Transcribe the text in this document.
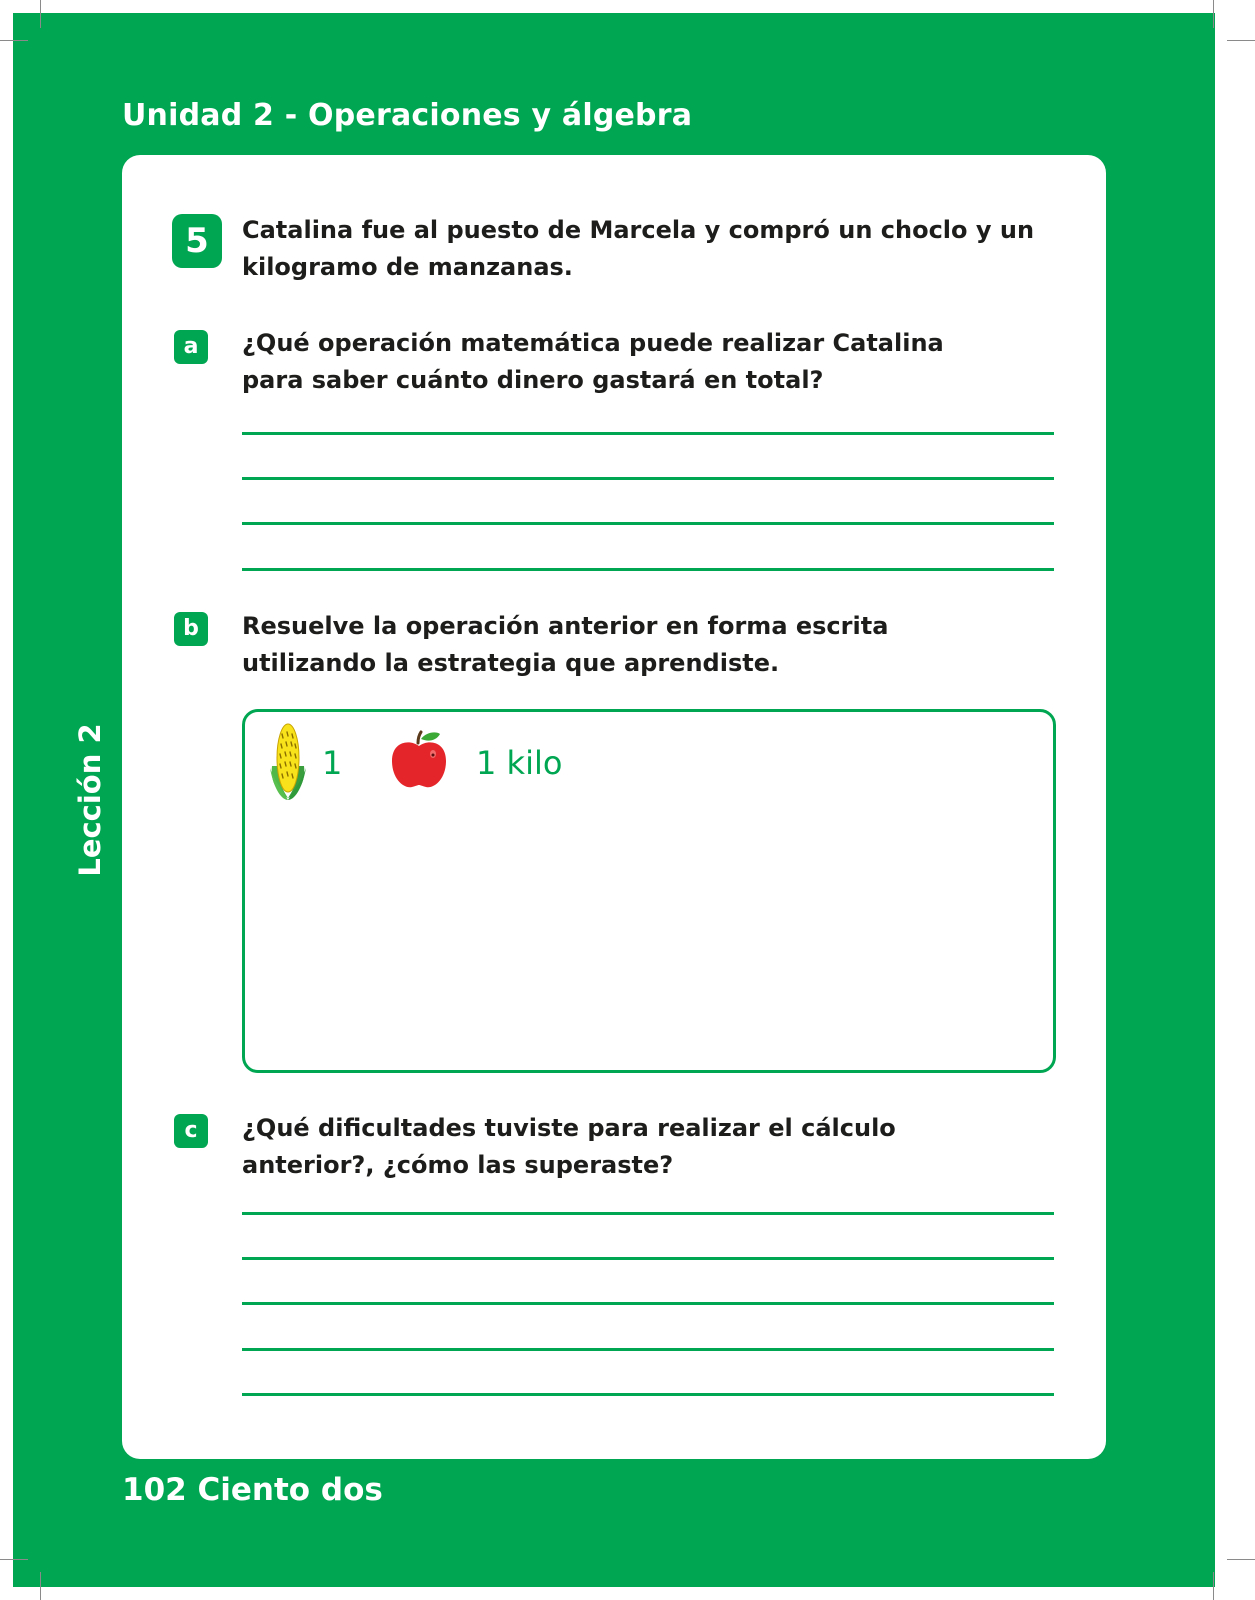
Unidad 2 - Operaciones y álgebra
Lección 2
102 Ciento dos
5	Catalina fue al puesto de Marcela y compró un choclo y un kilogramo de manzanas.
a	¿Qué operación matemática puede realizar Catalina para saber cuánto dinero gastará en total?
b	Resuelve la operación anterior en forma escrita utilizando la estrategia que aprendiste.
1	1 kilo
c	¿Qué dificultades tuviste para realizar el cálculo anterior?, ¿cómo las superaste?
